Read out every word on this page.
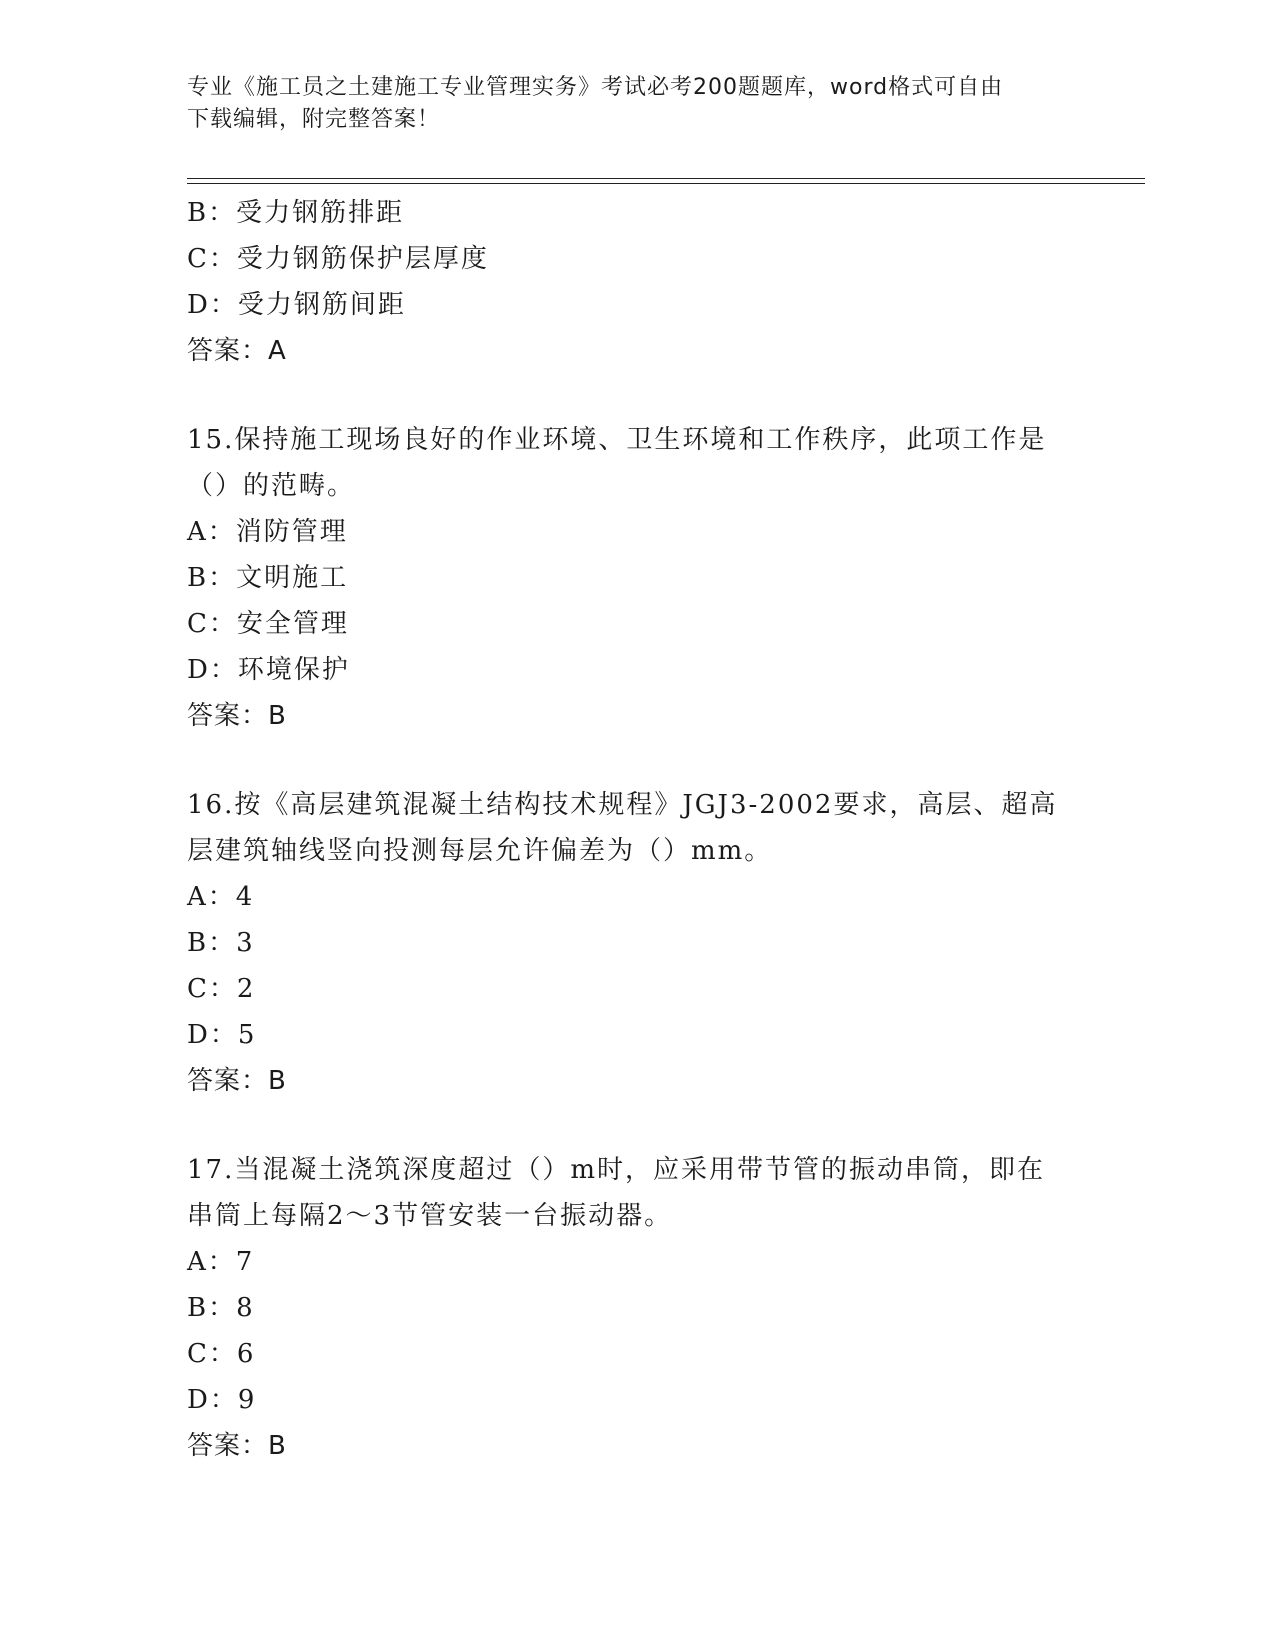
专业《施工员之土建施工专业管理实务》考试必考200题题库，word格式可自由
下载编辑，附完整答案！
B：受力钢筋排距
C：受力钢筋保护层厚度
D：受力钢筋间距
答案：A
15.保持施工现场良好的作业环境、卫生环境和工作秩序，此项工作是
（）的范畴。
A：消防管理
B：文明施工
C：安全管理
D：环境保护
答案：B
16.按《高层建筑混凝土结构技术规程》JGJ3-2002要求，高层、超高
层建筑轴线竖向投测每层允许偏差为（）mm。
A：4
B：3
C：2
D：5
答案：B
17.当混凝土浇筑深度超过（）m时，应采用带节管的振动串筒，即在
串筒上每隔2～3节管安装一台振动器。
A：7
B：8
C：6
D：9
答案：B
